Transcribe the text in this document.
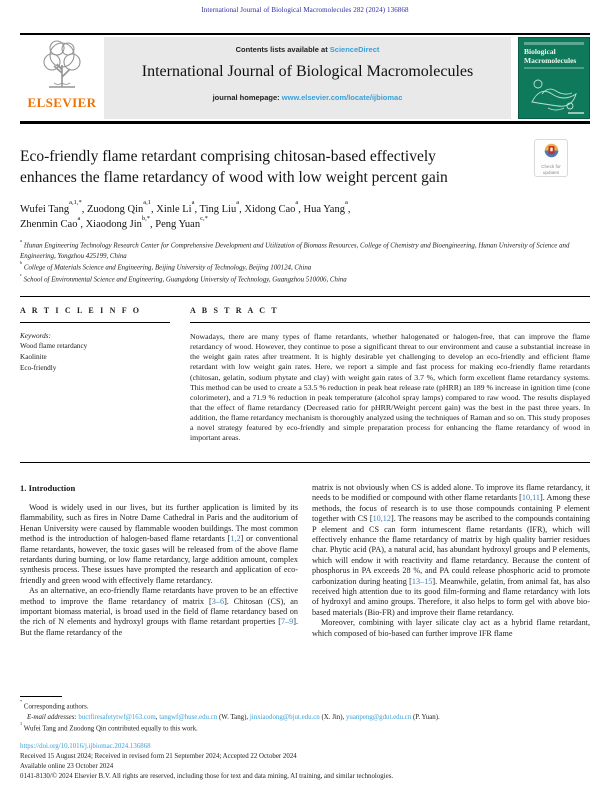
International Journal of Biological Macromolecules 282 (2024) 136868
ELSEVIER
Contents lists available at ScienceDirect
International Journal of Biological Macromolecules
journal homepage: www.elsevier.com/locate/ijbiomac
Biological
Macromolecules
Check for
updates
Eco-friendly flame retardant comprising chitosan-based effectively
enhances the flame retardancy of wood with low weight percent gain
Wufei Tang$^{a,1,*}$, Zuodong Qin$^{a,1}$, Xinle Li$^a$, Ting Liu$^a$, Xidong Cao$^a$, Hua Yang$^a$,
Zhenmin Cao$^a$, Xiaodong Jin$^{b,*}$, Peng Yuan$^{c,*}$
$^a$ Hunan Engineering Technology Research Center for Comprehensive Development and Utilization of Biomass Resources, College of Chemistry and Bioengineering, Hunan University of Science and Engineering, Yongzhou 425199, China
$^b$ College of Materials Science and Engineering, Beijing University of Technology, Beijing 100124, China
$^c$ School of Environmental Science and Engineering, Guangdong University of Technology, Guangzhou 510006, China
A R T I C L E I N F O
Keywords:
Wood flame retardancy
Kaolinite
Eco-friendly
A B S T R A C T
Nowadays, there are many types of flame retardants, whether halogenated or halogen-free, that can improve the flame retardancy of wood. However, they continue to pose a significant threat to our environment and cause a substantial increase in the weight gain rates after treatment. It is highly desirable yet challenging to develop an eco-friendly and efficient flame retardant with low weight gain rates. Here, we report a simple and fast process for making eco-friendly flame retardants (chitosan, gelatin, sodium phytate and clay) with weight gain rates of 3.7 %, which form excellent flame retardancy systems. This method can be used to create a 53.5 % reduction in peak heat release rate (pHRR) an 189 % increase in ignition time (cone colorimeter), and a 71.9 % reduction in peak temperature (alcohol spray lamps) compared to raw wood. The results displayed that the effect of flame retardancy (Decreased ratio for pHRR/Weight percent gain) was the best in the past three years. In addition, the flame retardancy mechanism is thoroughly analyzed using the techniques of Raman and so on. This study proposes a novel strategy featured by eco-friendly and simple preparation process for enhancing the flame retardancy of wood in important areas.
1. Introduction

Wood is widely used in our lives, but its further application is limited by its flammability, such as fires in Notre Dame Cathedral in Paris and the auditorium of Henan University were caused by flammable wooden buildings. The most common method is the introduction of halogen-based flame retardants [1,2] or conventional flame retardants, however, the toxic gases will be released from of the above flame retardants during burning, or low flame retardancy, large addition amount, complex synthesis process. These issues have prompted the research and application of eco-friendly and green wood with effectively flame retardancy.

As an alternative, an eco-friendly flame retardants have proven to be an effective method to improve the flame retardancy of matrix [3–6]. Chitosan (CS), an important biomass material, is broad used in the field of flame retardancy based on the rich of N elements and hydroxyl groups with flame retardant properties [7–9]. But the flame retardancy of the

matrix is not obviously when CS is added alone. To improve its flame retardancy, it needs to be modified or compound with other flame retardants [10,11]. Among these methods, the focus of research is to use those compounds containing P element together with CS [10,12]. The reasons may be ascribed to the compounds containing P element and CS can form intumescent flame retardants (IFR), which will effectively enhance the flame retardancy of matrix by high quality barrier residues char. Phytic acid (PA), a natural acid, has abundant hydroxyl groups and P elements, which will endow it with reactivity and flame retardancy. Because the content of phosphorus in PA exceeds 28 %, and PA could release phosphoric acid to promote carbonization during heating [13–15]. Meanwhile, gelatin, from animal fat, has also received high attention due to its good film-forming and flame retardancy with lots of hydroxyl and amino groups. Therefore, it also helps to form gel with above bio-based materials (Bio-FR) and improve their flame retardancy.

Moreover, combining with layer silicate clay act as a hybrid flame retardant, which composed of bio-based can further improve IFR flame

* Corresponding authors.
E-mail addresses: buctfiresafetytwf@163.com, tangwf@huse.edu.cn (W. Tang), jinxiaodong@bjut.edu.cn (X. Jin), yuanpeng@gdut.edu.cn (P. Yuan).
$^1$ Wufei Tang and Zuodong Qin contributed equally to this work.
https://doi.org/10.1016/j.ijbiomac.2024.136868
Received 15 August 2024; Received in revised form 21 September 2024; Accepted 22 October 2024
Available online 23 October 2024
0141-8130/© 2024 Elsevier B.V. All rights are reserved, including those for text and data mining, AI training, and similar technologies.
